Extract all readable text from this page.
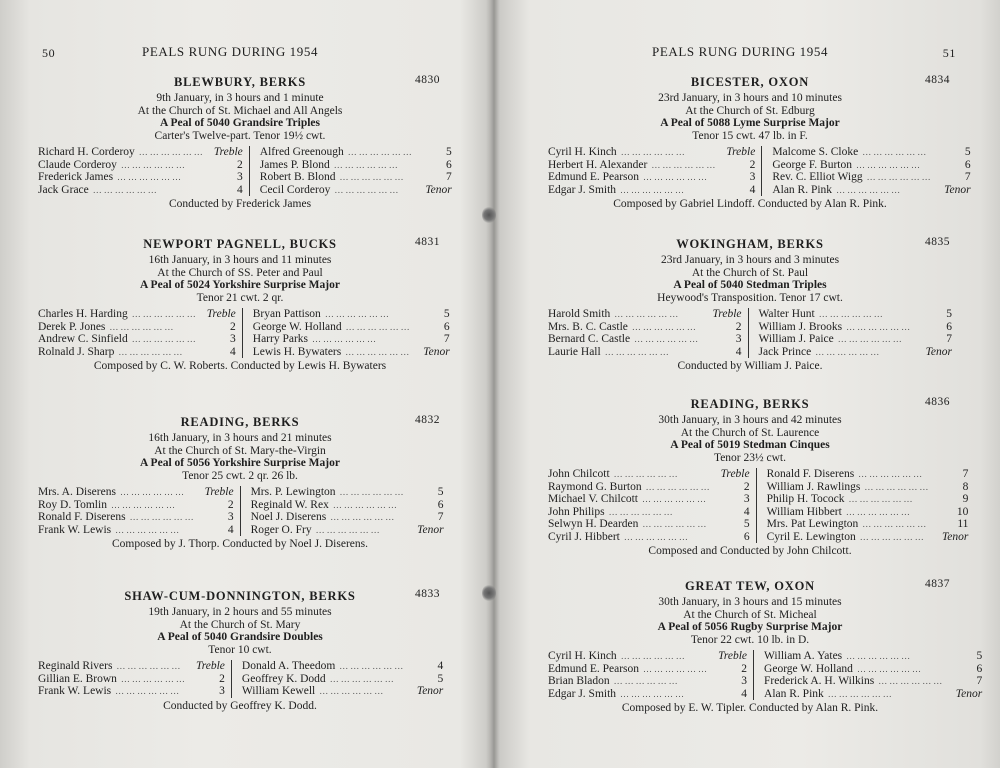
50	PEALS RUNG DURING 1954
BLEWBURY, BERKS	4830
9th January, in 3 hours and 1 minute
At the Church of St. Michael and All Angels
A Peal of 5040 Grandsire Triples
Carter's Twelve-part. Tenor 19½ cwt.
Richard H. Corderoy ……………… Treble
Claude Corderoy ………………	2
Frederick James ………………	3
Jack Grace ………………	4
Alfred Greenough ………………	5
James P. Blond ………………	6
Robert B. Blond ………………	7
Cecil Corderoy ………………	Tenor
Conducted by Frederick James
NEWPORT PAGNELL, BUCKS	4831
16th January, in 3 hours and 11 minutes
At the Church of SS. Peter and Paul
A Peal of 5024 Yorkshire Surprise Major
Tenor 21 cwt. 2 qr.
Charles H. Harding ……………… Treble
Derek P. Jones ………………	2
Andrew C. Sinfield ………………	3
Rolnald J. Sharp ………………	4
Bryan Pattison ………………	5
George W. Holland ………………	6
Harry Parks ………………	7
Lewis H. Bywaters ………………	Tenor
Composed by C. W. Roberts. Conducted by Lewis H. Bywaters
READING, BERKS	4832
16th January, in 3 hours and 21 minutes
At the Church of St. Mary-the-Virgin
A Peal of 5056 Yorkshire Surprise Major
Tenor 25 cwt. 2 qr. 26 lb.
Mrs. A. Diserens ………………	Treble
Roy D. Tomlin ………………	2
Ronald F. Diserens ………………	3
Frank W. Lewis ………………	4
Mrs. P. Lewington ………………	5
Reginald W. Rex ………………	6
Noel J. Diserens ………………	7
Roger O. Fry ………………	Tenor
Composed by J. Thorp. Conducted by Noel J. Diserens.
SHAW-CUM-DONNINGTON, BERKS	4833
19th January, in 2 hours and 55 minutes
At the Church of St. Mary
A Peal of 5040 Grandsire Doubles
Tenor 10 cwt.
Reginald Rivers ………………	Treble
Gillian E. Brown ………………	2
Frank W. Lewis ………………	3
Donald A. Theedom ………………	4
Geoffrey K. Dodd ………………	5
William Kewell ………………	Tenor
Conducted by Geoffrey K. Dodd.
PEALS RUNG DURING 1954	51
BICESTER, OXON	4834
23rd January, in 3 hours and 10 minutes
At the Church of St. Edburg
A Peal of 5088 Lyme Surprise Major
Tenor 15 cwt. 47 lb. in F.
Cyril H. Kinch ………………	Treble
Herbert H. Alexander ………………	2
Edmund E. Pearson ………………	3
Edgar J. Smith ………………	4
Malcome S. Cloke ………………	5
George F. Burton ………………	6
Rev. C. Elliot Wigg ………………	7
Alan R. Pink ………………	Tenor
Composed by Gabriel Lindoff. Conducted by Alan R. Pink.
WOKINGHAM, BERKS	4835
23rd January, in 3 hours and 3 minutes
At the Church of St. Paul
A Peal of 5040 Stedman Triples
Heywood's Transposition. Tenor 17 cwt.
Harold Smith ………………	Treble
Mrs. B. C. Castle ………………	2
Bernard C. Castle ………………	3
Laurie Hall ………………	4
Walter Hunt ………………	5
William J. Brooks ………………	6
William J. Paice ………………	7
Jack Prince ………………	Tenor
Conducted by William J. Paice.
READING, BERKS	4836
30th January, in 3 hours and 42 minutes
At the Church of St. Laurence
A Peal of 5019 Stedman Cinques
Tenor 23½ cwt.
John Chilcott ………………	Treble
Raymond G. Burton ………………	2
Michael V. Chilcott ………………	3
John Philips ………………	4
Selwyn H. Dearden ………………	5
Cyril J. Hibbert ………………	6
Ronald F. Diserens ………………	7
William J. Rawlings ………………	8
Philip H. Tocock ………………	9
William Hibbert ………………	10
Mrs. Pat Lewington ………………	11
Cyril E. Lewington ………………	Tenor
Composed and Conducted by John Chilcott.
GREAT TEW, OXON	4837
30th January, in 3 hours and 15 minutes
At the Church of St. Micheal
A Peal of 5056 Rugby Surprise Major
Tenor 22 cwt. 10 lb. in D.
Cyril H. Kinch ………………	Treble
Edmund E. Pearson ………………	2
Brian Bladon ………………	3
Edgar J. Smith ………………	4
William A. Yates ………………	5
George W. Holland ………………	6
Frederick A. H. Wilkins ………………	7
Alan R. Pink ………………	Tenor
Composed by E. W. Tipler. Conducted by Alan R. Pink.
